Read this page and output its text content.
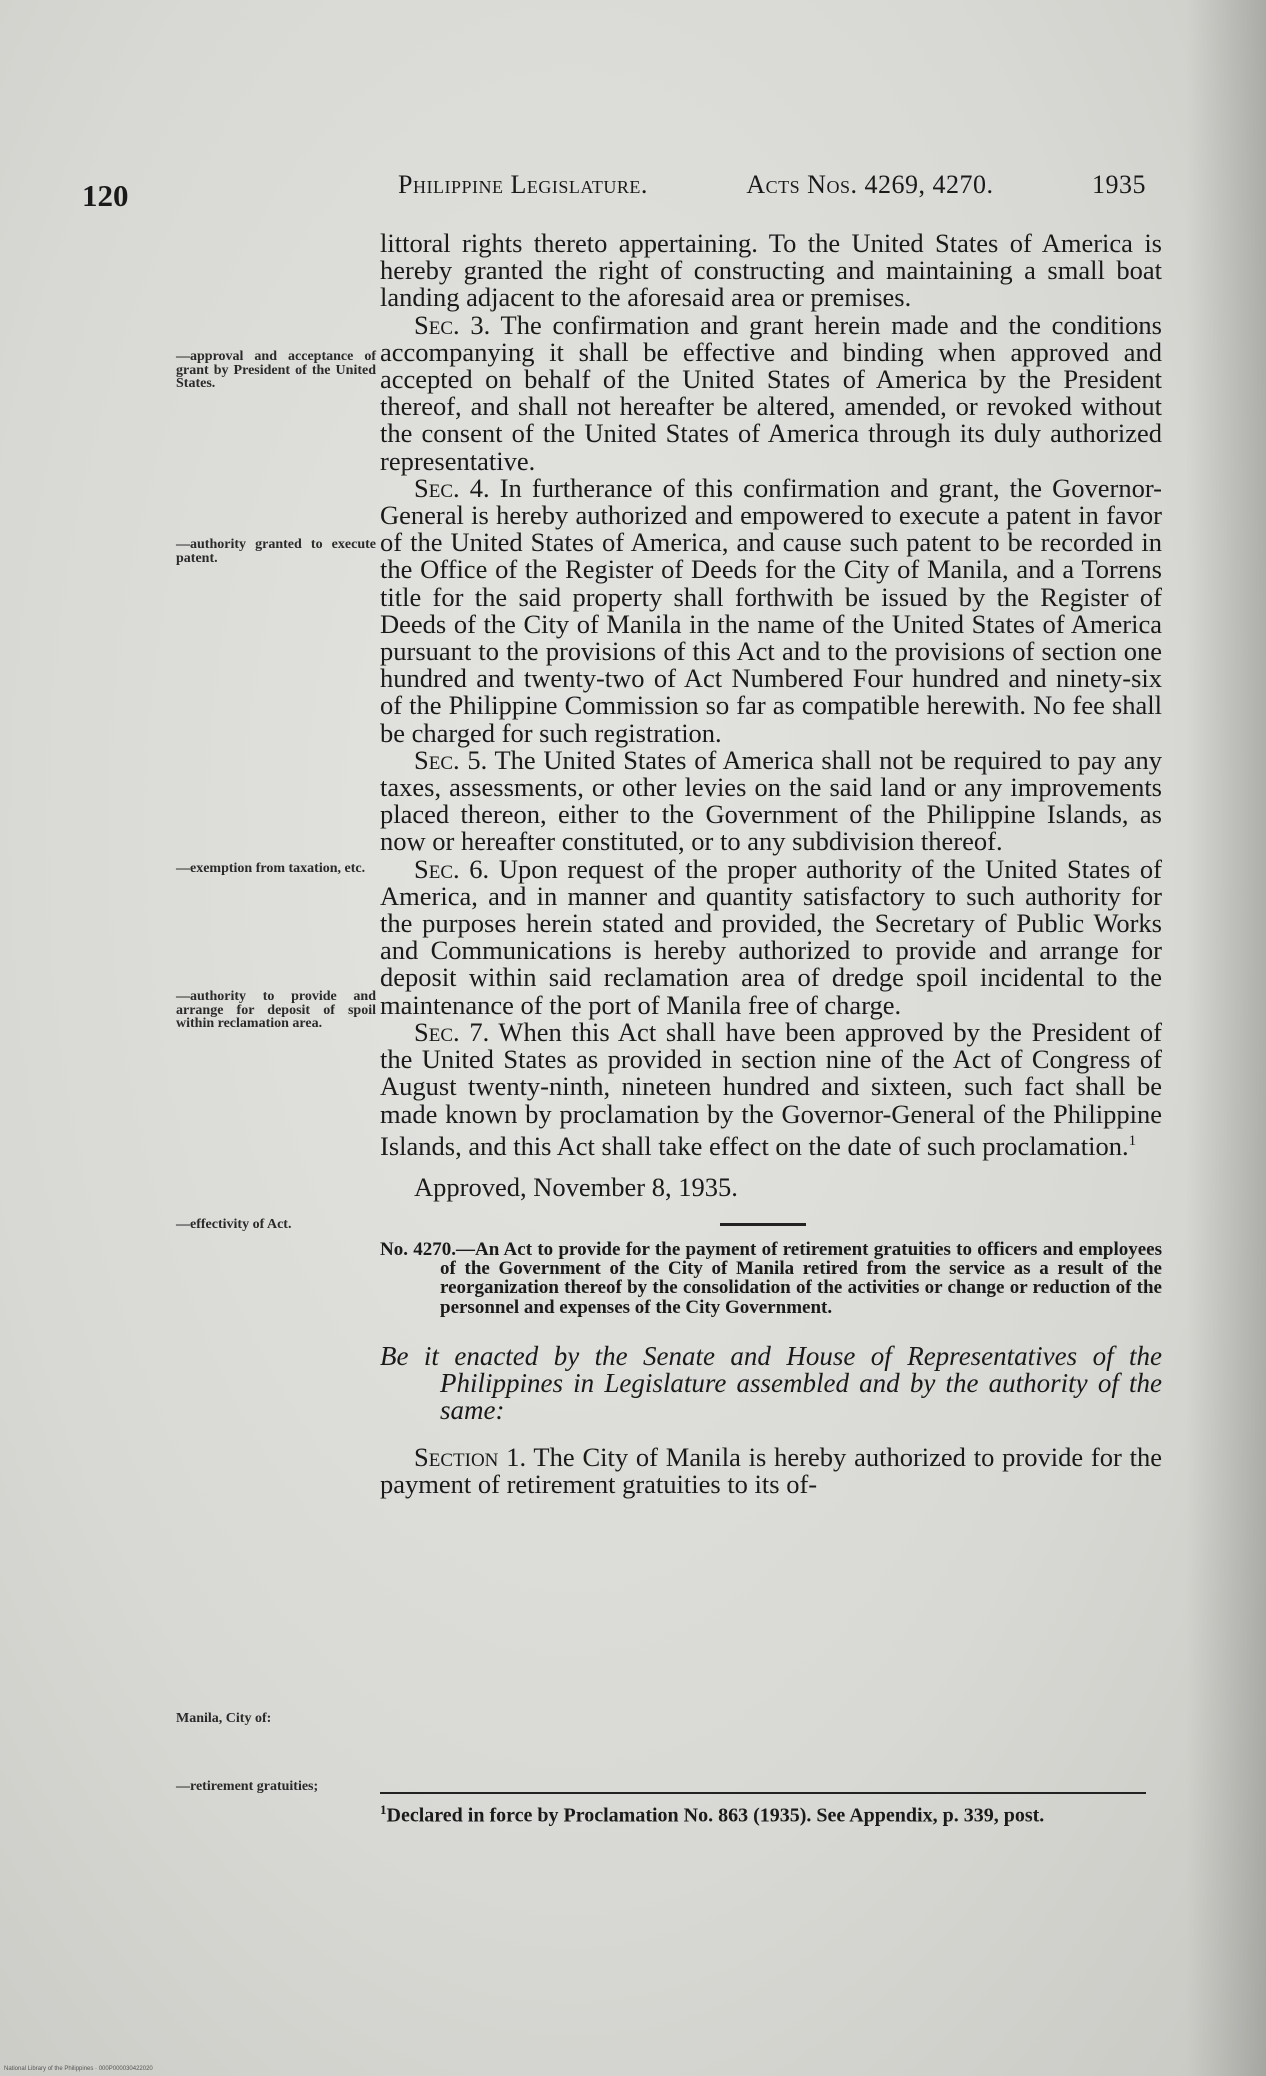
120	Philippine Legislature.	Acts Nos. 4269, 4270.	1935
—approval and acceptance of grant by President of the United States.
—authority granted to execute patent.
—exemption from taxation, etc.
—authority to provide and arrange for deposit of spoil within reclamation area.
—effectivity of Act.
Manila, City of:
—retirement gratuities;

littoral rights thereto appertaining. To the United States of America is hereby granted the right of constructing and maintaining a small boat landing adjacent to the aforesaid area or premises.

Sec. 3. The confirmation and grant herein made and the conditions accompanying it shall be effective and binding when approved and accepted on behalf of the United States of America by the President thereof, and shall not hereafter be altered, amended, or revoked without the consent of the United States of America through its duly authorized representative.

Sec. 4. In furtherance of this confirmation and grant, the Governor-General is hereby authorized and empowered to execute a patent in favor of the United States of America, and cause such patent to be recorded in the Office of the Register of Deeds for the City of Manila, and a Torrens title for the said property shall forthwith be issued by the Register of Deeds of the City of Manila in the name of the United States of America pursuant to the provisions of this Act and to the provisions of section one hundred and twenty-two of Act Numbered Four hundred and ninety-six of the Philippine Commission so far as compatible herewith. No fee shall be charged for such registration.

Sec. 5. The United States of America shall not be required to pay any taxes, assessments, or other levies on the said land or any improvements placed thereon, either to the Government of the Philippine Islands, as now or hereafter constituted, or to any subdivision thereof.

Sec. 6. Upon request of the proper authority of the United States of America, and in manner and quantity satisfactory to such authority for the purposes herein stated and provided, the Secretary of Public Works and Communications is hereby authorized to provide and arrange for deposit within said reclamation area of dredge spoil incidental to the maintenance of the port of Manila free of charge.

Sec. 7. When this Act shall have been approved by the President of the United States as provided in section nine of the Act of Congress of August twenty-ninth, nineteen hundred and sixteen, such fact shall be made known by proclamation by the Governor-General of the Philippine Islands, and this Act shall take effect on the date of such proclamation.$^1$

Approved, November 8, 1935.

No. 4270.—An Act to provide for the payment of retirement gratuities to officers and employees of the Government of the City of Manila retired from the service as a result of the reorganization thereof by the consolidation of the activities or change or reduction of the personnel and expenses of the City Government.

Be it enacted by the Senate and House of Representatives of the Philippines in Legislature assembled and by the authority of the same:

Section 1. The City of Manila is hereby authorized to provide for the payment of retirement gratuities to its of-

$^1$Declared in force by Proclamation No. 863 (1935). See Appendix, p. 339, post.
National Library of the Philippines · 000P000030422020
